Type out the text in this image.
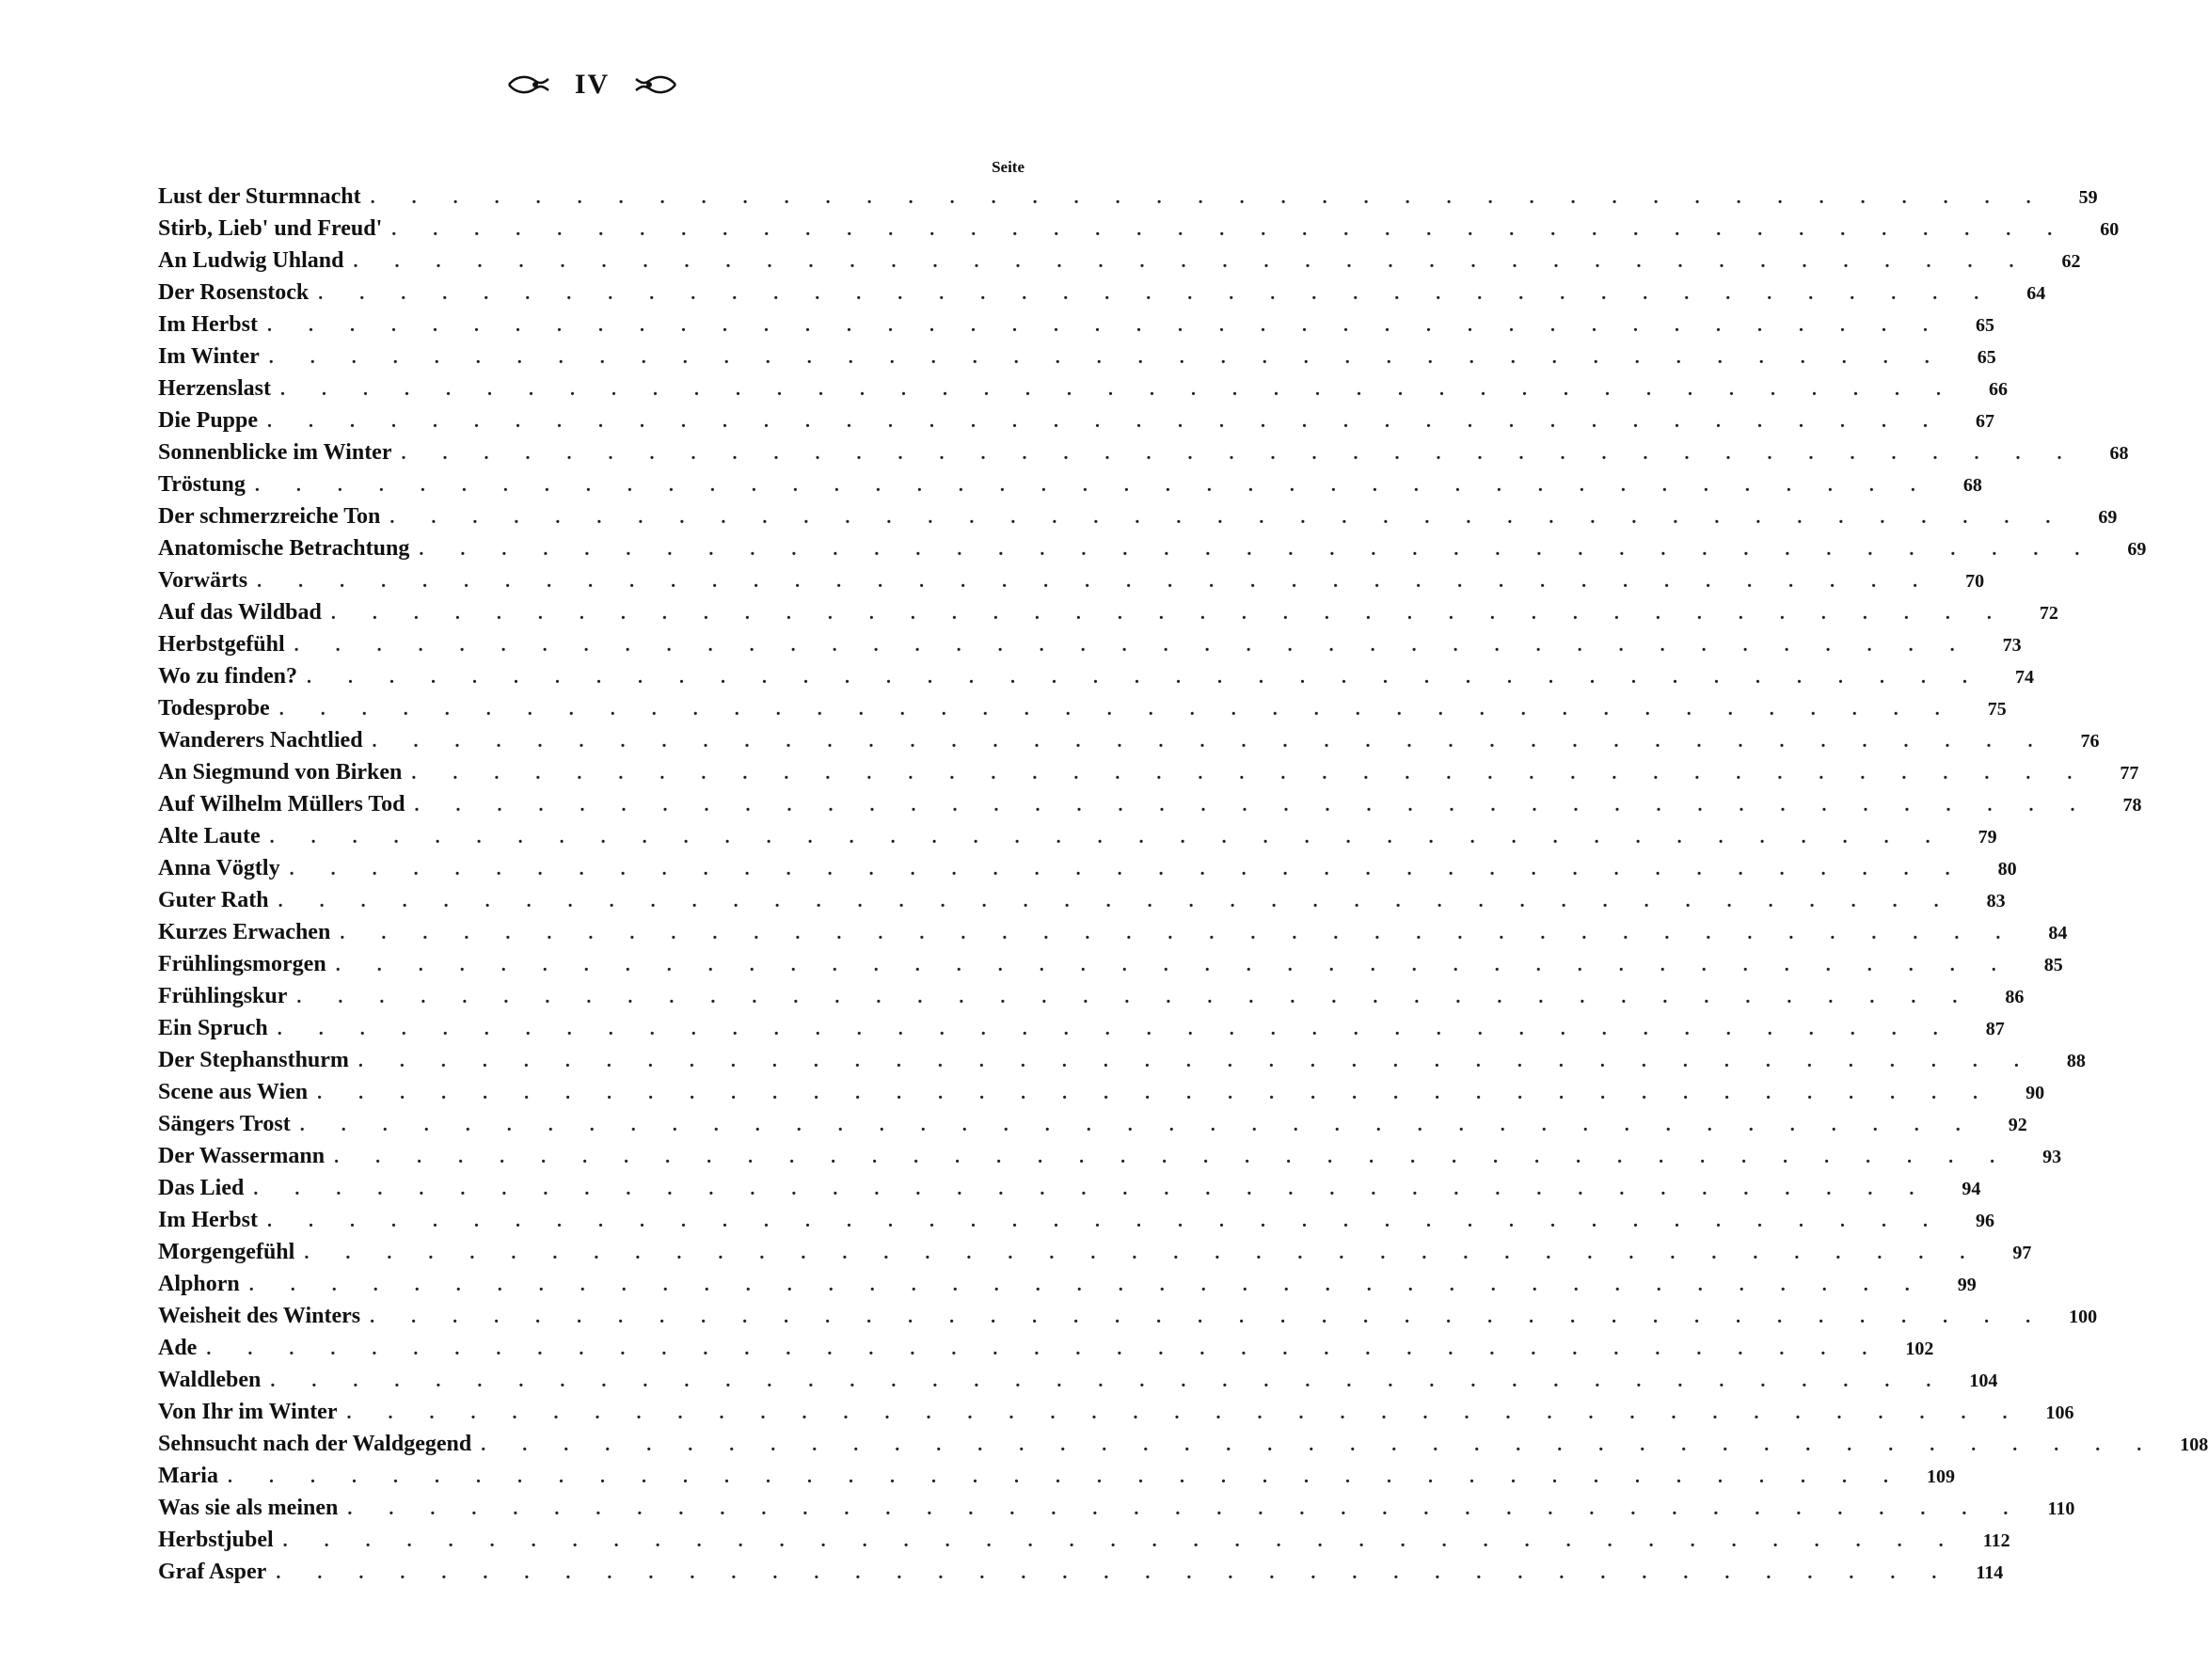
IV
Seite
Lust der Sturmnacht . . . . . . . . . . . . . . . . . . . . . . . . . . . . . . . . . . . . . . . . .	59
Stirb, Lieb' und Freud' . . . . . . . . . . . . . . . . . . . . . . . . . . . . . . . . . . . . . . . . .	60
An Ludwig Uhland . . . . . . . . . . . . . . . . . . . . . . . . . . . . . . . . . . . . . . . . .	62
Der Rosenstock . . . . . . . . . . . . . . . . . . . . . . . . . . . . . . . . . . . . . . . . .	64
Im Herbst . . . . . . . . . . . . . . . . . . . . . . . . . . . . . . . . . . . . . . . . .	65
Im Winter . . . . . . . . . . . . . . . . . . . . . . . . . . . . . . . . . . . . . . . . .	65
Herzenslast . . . . . . . . . . . . . . . . . . . . . . . . . . . . . . . . . . . . . . . . .	66
Die Puppe . . . . . . . . . . . . . . . . . . . . . . . . . . . . . . . . . . . . . . . . .	67
Sonnenblicke im Winter . . . . . . . . . . . . . . . . . . . . . . . . . . . . . . . . . . . . . . . . .	68
Tröstung . . . . . . . . . . . . . . . . . . . . . . . . . . . . . . . . . . . . . . . . .	68
Der schmerzreiche Ton . . . . . . . . . . . . . . . . . . . . . . . . . . . . . . . . . . . . . . . . .	69
Anatomische Betrachtung . . . . . . . . . . . . . . . . . . . . . . . . . . . . . . . . . . . . . . . . .	69
Vorwärts . . . . . . . . . . . . . . . . . . . . . . . . . . . . . . . . . . . . . . . . .	70
Auf das Wildbad . . . . . . . . . . . . . . . . . . . . . . . . . . . . . . . . . . . . . . . . .	72
Herbstgefühl . . . . . . . . . . . . . . . . . . . . . . . . . . . . . . . . . . . . . . . . .	73
Wo zu finden? . . . . . . . . . . . . . . . . . . . . . . . . . . . . . . . . . . . . . . . . .	74
Todesprobe . . . . . . . . . . . . . . . . . . . . . . . . . . . . . . . . . . . . . . . . .	75
Wanderers Nachtlied . . . . . . . . . . . . . . . . . . . . . . . . . . . . . . . . . . . . . . . . .	76
An Siegmund von Birken . . . . . . . . . . . . . . . . . . . . . . . . . . . . . . . . . . . . . . . . .	77
Auf Wilhelm Müllers Tod . . . . . . . . . . . . . . . . . . . . . . . . . . . . . . . . . . . . . . . . .	78
Alte Laute . . . . . . . . . . . . . . . . . . . . . . . . . . . . . . . . . . . . . . . . .	79
Anna Vögtly . . . . . . . . . . . . . . . . . . . . . . . . . . . . . . . . . . . . . . . . .	80
Guter Rath . . . . . . . . . . . . . . . . . . . . . . . . . . . . . . . . . . . . . . . . .	83
Kurzes Erwachen . . . . . . . . . . . . . . . . . . . . . . . . . . . . . . . . . . . . . . . . .	84
Frühlingsmorgen . . . . . . . . . . . . . . . . . . . . . . . . . . . . . . . . . . . . . . . . .	85
Frühlingskur . . . . . . . . . . . . . . . . . . . . . . . . . . . . . . . . . . . . . . . . .	86
Ein Spruch . . . . . . . . . . . . . . . . . . . . . . . . . . . . . . . . . . . . . . . . .	87
Der Stephansthurm . . . . . . . . . . . . . . . . . . . . . . . . . . . . . . . . . . . . . . . . .	88
Scene aus Wien . . . . . . . . . . . . . . . . . . . . . . . . . . . . . . . . . . . . . . . . .	90
Sängers Trost . . . . . . . . . . . . . . . . . . . . . . . . . . . . . . . . . . . . . . . . .	92
Der Wassermann . . . . . . . . . . . . . . . . . . . . . . . . . . . . . . . . . . . . . . . . .	93
Das Lied . . . . . . . . . . . . . . . . . . . . . . . . . . . . . . . . . . . . . . . . .	94
Im Herbst . . . . . . . . . . . . . . . . . . . . . . . . . . . . . . . . . . . . . . . . .	96
Morgengefühl . . . . . . . . . . . . . . . . . . . . . . . . . . . . . . . . . . . . . . . . .	97
Alphorn . . . . . . . . . . . . . . . . . . . . . . . . . . . . . . . . . . . . . . . . .	99
Weisheit des Winters . . . . . . . . . . . . . . . . . . . . . . . . . . . . . . . . . . . . . . . . .	100
Ade . . . . . . . . . . . . . . . . . . . . . . . . . . . . . . . . . . . . . . . . .	102
Waldleben . . . . . . . . . . . . . . . . . . . . . . . . . . . . . . . . . . . . . . . . .	104
Von Ihr im Winter . . . . . . . . . . . . . . . . . . . . . . . . . . . . . . . . . . . . . . . . .	106
Sehnsucht nach der Waldgegend . . . . . . . . . . . . . . . . . . . . . . . . . . . . . . . . . . . . . . . . .	108
Maria . . . . . . . . . . . . . . . . . . . . . . . . . . . . . . . . . . . . . . . . .	109
Was sie als meinen . . . . . . . . . . . . . . . . . . . . . . . . . . . . . . . . . . . . . . . . .	110
Herbstjubel . . . . . . . . . . . . . . . . . . . . . . . . . . . . . . . . . . . . . . . . .	112
Graf Asper . . . . . . . . . . . . . . . . . . . . . . . . . . . . . . . . . . . . . . . . .	114
